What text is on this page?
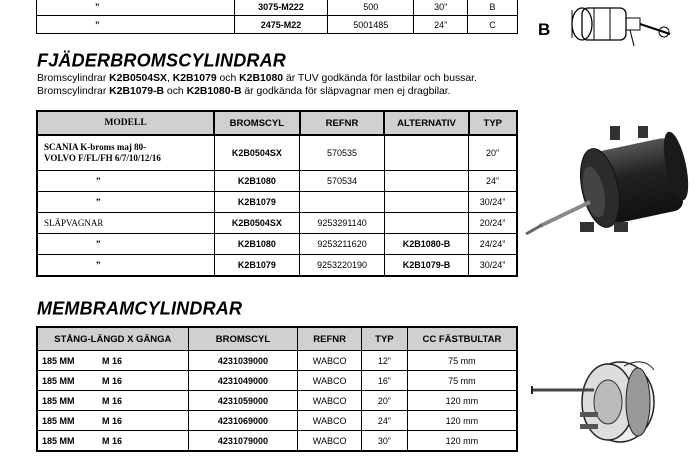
”	3075-M222	500	30”	B
”	2475-M22	5001485	24”	C B
FJÄDERBROMSCYLINDRAR
Bromscylindrar K2B0504SX, K2B1079 och K2B1080 är TUV godkända för lastbilar och bussar.
Bromscylindrar K2B1079-B och K2B1080-B är godkända för släpvagnar men ej dragbilar.
MODELL	BROMSCYL	REFNR	ALTERNATIV	TYP

SCANIA K-broms maj 80-
VOLVO F/FL/FH 6/7/10/12/16	K2B0504SX	570535		20”
”	K2B1080	570534		24”
”	K2B1079			30/24”
SLÄPVAGNAR	K2B0504SX	9253291140		20/24”
”	K2B1080	9253211620	K2B1080-B	24/24”
”	K2B1079	9253220190	K2B1079-B	30/24”
MEMBRAMCYLINDRAR
STÅNG-LÄNGD X GÄNGA	BROMSCYL	REFNR	TYP	CC FÄSTBULTAR
185 MM M 16	4231039000	WABCO	12”	75 mm
185 MM M 16	4231049000	WABCO	16”	75 mm
185 MM M 16	4231059000	WABCO	20”	120 mm
185 MM M 16	4231069000	WABCO	24”	120 mm
185 MM M 16	4231079000	WABCO	30”	120 mm
